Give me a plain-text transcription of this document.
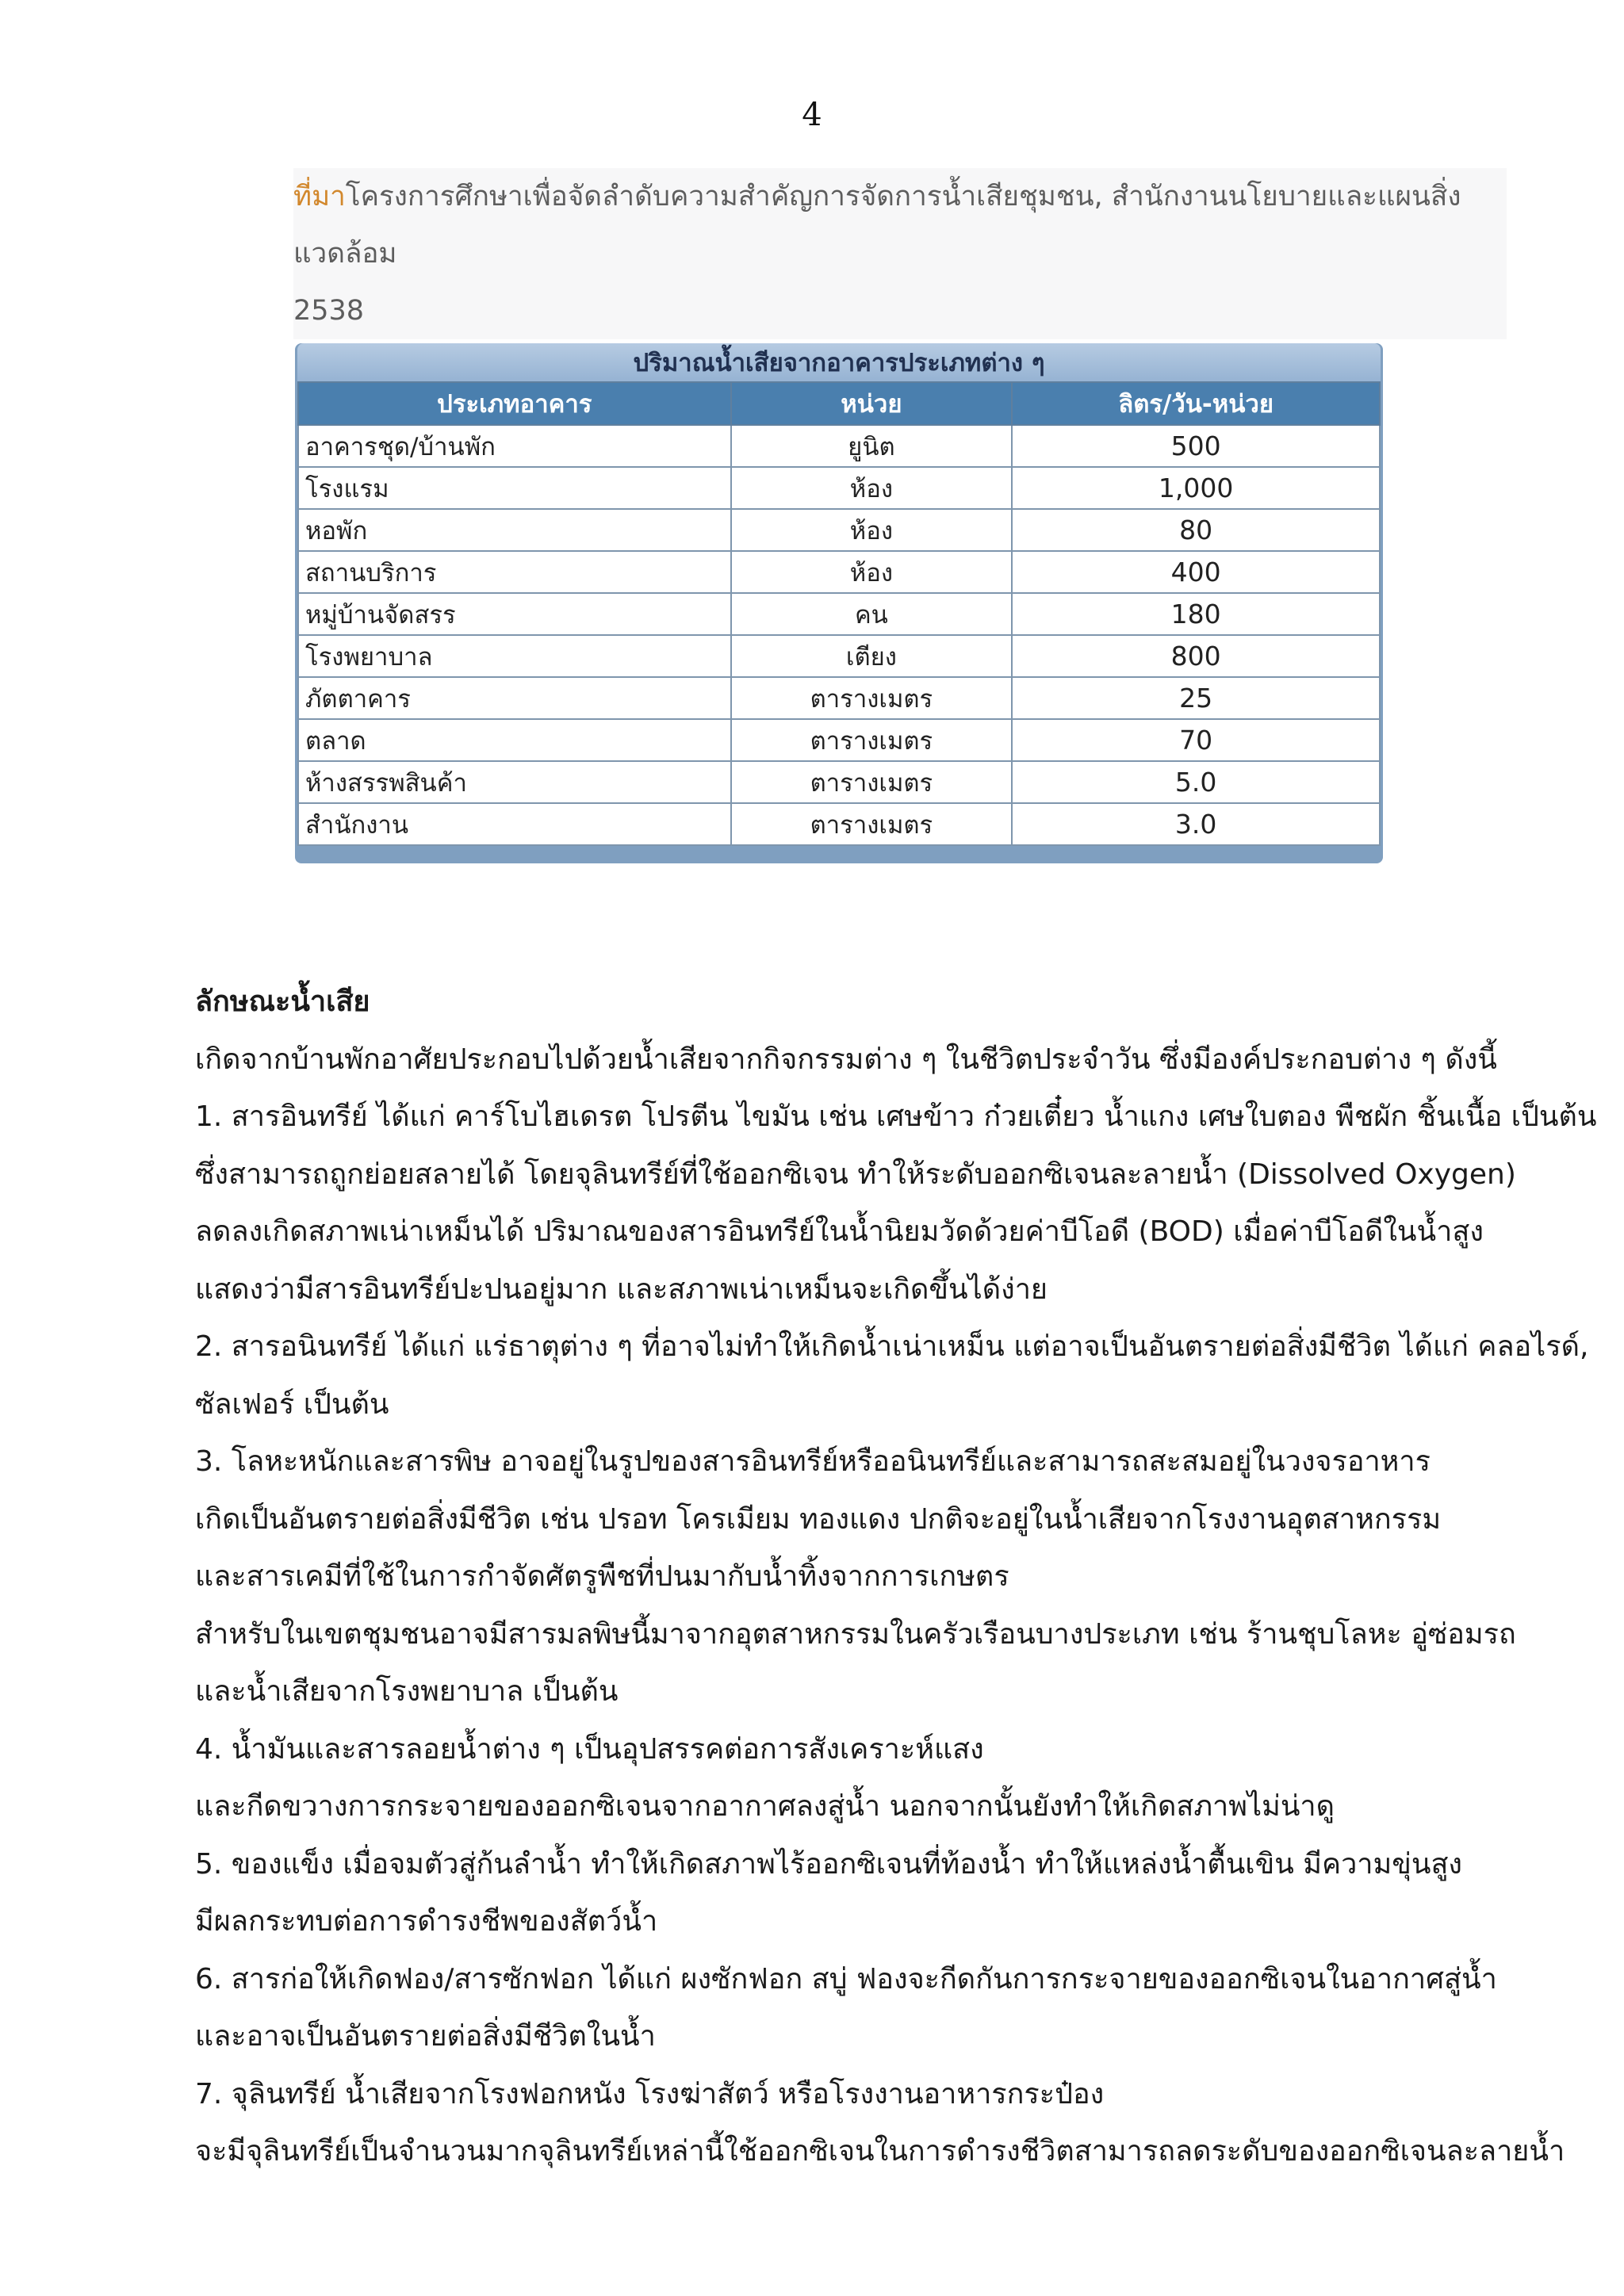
4
ที่มาโครงการศึกษาเพื่อจัดลำดับความสำคัญการจัดการน้ำเสียชุมชน, สำนักงานนโยบายและแผนสิ่งแวดล้อม
2538
ปริมาณน้ำเสียจากอาคารประเภทต่าง ๆ
ประเภทอาคาร	หน่วย	ลิตร/วัน-หน่วย
อาคารชุด/บ้านพัก	ยูนิต	500
โรงแรม	ห้อง	1,000
หอพัก	ห้อง	80
สถานบริการ	ห้อง	400
หมู่บ้านจัดสรร	คน	180
โรงพยาบาล	เตียง	800
ภัตตาคาร	ตารางเมตร	25
ตลาด	ตารางเมตร	70
ห้างสรรพสินค้า	ตารางเมตร	5.0
สำนักงาน	ตารางเมตร	3.0
ลักษณะน้ำเสีย
เกิดจากบ้านพักอาศัยประกอบไปด้วยน้ำเสียจากกิจกรรมต่าง ๆ ในชีวิตประจำวัน ซึ่งมีองค์ประกอบต่าง ๆ ดังนี้
1. สารอินทรีย์ ได้แก่ คาร์โบไฮเดรต โปรตีน ไขมัน เช่น เศษข้าว ก๋วยเตี๋ยว น้ำแกง เศษใบตอง พืชผัก ชิ้นเนื้อ เป็นต้น
ซึ่งสามารถถูกย่อยสลายได้ โดยจุลินทรีย์ที่ใช้ออกซิเจน ทำให้ระดับออกซิเจนละลายน้ำ (Dissolved Oxygen)
ลดลงเกิดสภาพเน่าเหม็นได้ ปริมาณของสารอินทรีย์ในน้ำนิยมวัดด้วยค่าบีโอดี (BOD) เมื่อค่าบีโอดีในน้ำสูง
แสดงว่ามีสารอินทรีย์ปะปนอยู่มาก และสภาพเน่าเหม็นจะเกิดขึ้นได้ง่าย
2. สารอนินทรีย์ ได้แก่ แร่ธาตุต่าง ๆ ที่อาจไม่ทำให้เกิดน้ำเน่าเหม็น แต่อาจเป็นอันตรายต่อสิ่งมีชีวิต ได้แก่ คลอไรด์,
ซัลเฟอร์ เป็นต้น
3. โลหะหนักและสารพิษ อาจอยู่ในรูปของสารอินทรีย์หรืออนินทรีย์และสามารถสะสมอยู่ในวงจรอาหาร
เกิดเป็นอันตรายต่อสิ่งมีชีวิต เช่น ปรอท โครเมียม ทองแดง ปกติจะอยู่ในน้ำเสียจากโรงงานอุตสาหกรรม
และสารเคมีที่ใช้ในการกำจัดศัตรูพืชที่ปนมากับน้ำทิ้งจากการเกษตร
สำหรับในเขตชุมชนอาจมีสารมลพิษนี้มาจากอุตสาหกรรมในครัวเรือนบางประเภท เช่น ร้านชุบโลหะ อู่ซ่อมรถ
และน้ำเสียจากโรงพยาบาล เป็นต้น
4. น้ำมันและสารลอยน้ำต่าง ๆ เป็นอุปสรรคต่อการสังเคราะห์แสง
และกีดขวางการกระจายของออกซิเจนจากอากาศลงสู่น้ำ นอกจากนั้นยังทำให้เกิดสภาพไม่น่าดู
5. ของแข็ง เมื่อจมตัวสู่ก้นลำน้ำ ทำให้เกิดสภาพไร้ออกซิเจนที่ท้องน้ำ ทำให้แหล่งน้ำตื้นเขิน มีความขุ่นสูง
มีผลกระทบต่อการดำรงชีพของสัตว์น้ำ
6. สารก่อให้เกิดฟอง/สารซักฟอก ได้แก่ ผงซักฟอก สบู่ ฟองจะกีดกันการกระจายของออกซิเจนในอากาศสู่น้ำ
และอาจเป็นอันตรายต่อสิ่งมีชีวิตในน้ำ
7. จุลินทรีย์ น้ำเสียจากโรงฟอกหนัง โรงฆ่าสัตว์ หรือโรงงานอาหารกระป๋อง
จะมีจุลินทรีย์เป็นจำนวนมากจุลินทรีย์เหล่านี้ใช้ออกซิเจนในการดำรงชีวิตสามารถลดระดับของออกซิเจนละลายน้ำ
